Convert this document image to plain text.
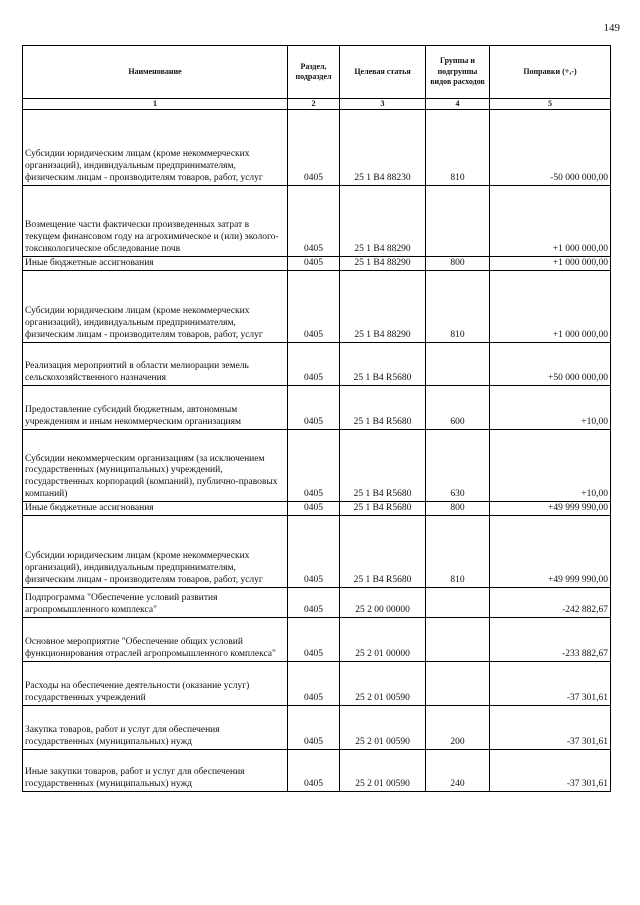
149
Наименование	Раздел, подраздел	Целевая статья	Группы и подгруппы видов расходов	Поправки (+,-)
1	2	3	4	5
Субсидии юридическим лицам (кроме некоммерческих организаций), индивидуальным предпринимателям, физическим лицам - производителям товаров, работ, услуг	0405	25 1 B4 88230	810	-50 000 000,00
Возмещение части фактически произведенных затрат в текущем финансовом году на агрохимическое и (или) эколого-токсикологическое обследование почв	0405	25 1 B4 88290		+1 000 000,00
Иные бюджетные ассигнования	0405	25 1 B4 88290	800	+1 000 000,00
Субсидии юридическим лицам (кроме некоммерческих организаций), индивидуальным предпринимателям, физическим лицам - производителям товаров, работ, услуг	0405	25 1 B4 88290	810	+1 000 000,00
Реализация мероприятий в области мелиорации земель сельскохозяйственного назначения	0405	25 1 B4 R5680		+50 000 000,00
Предоставление субсидий бюджетным, автономным учреждениям и иным некоммерческим организациям	0405	25 1 B4 R5680	600	+10,00
Субсидии некоммерческим организациям (за исключением государственных (муниципальных) учреждений, государственных корпораций (компаний), публично-правовых компаний)	0405	25 1 B4 R5680	630	+10,00
Иные бюджетные ассигнования	0405	25 1 B4 R5680	800	+49 999 990,00
Субсидии юридическим лицам (кроме некоммерческих организаций), индивидуальным предпринимателям, физическим лицам - производителям товаров, работ, услуг	0405	25 1 B4 R5680	810	+49 999 990,00
Подпрограмма "Обеспечение условий развития агропромышленного комплекса"	0405	25 2 00 00000		-242 882,67
Основное мероприятие "Обеспечение общих условий функционирования отраслей агропромышленного комплекса"	0405	25 2 01 00000		-233 882,67
Расходы на обеспечение деятельности (оказание услуг) государственных учреждений	0405	25 2 01 00590		-37 301,61
Закупка товаров, работ и услуг для обеспечения государственных (муниципальных) нужд	0405	25 2 01 00590	200	-37 301,61
Иные закупки товаров, работ и услуг для обеспечения государственных (муниципальных) нужд	0405	25 2 01 00590	240	-37 301,61
